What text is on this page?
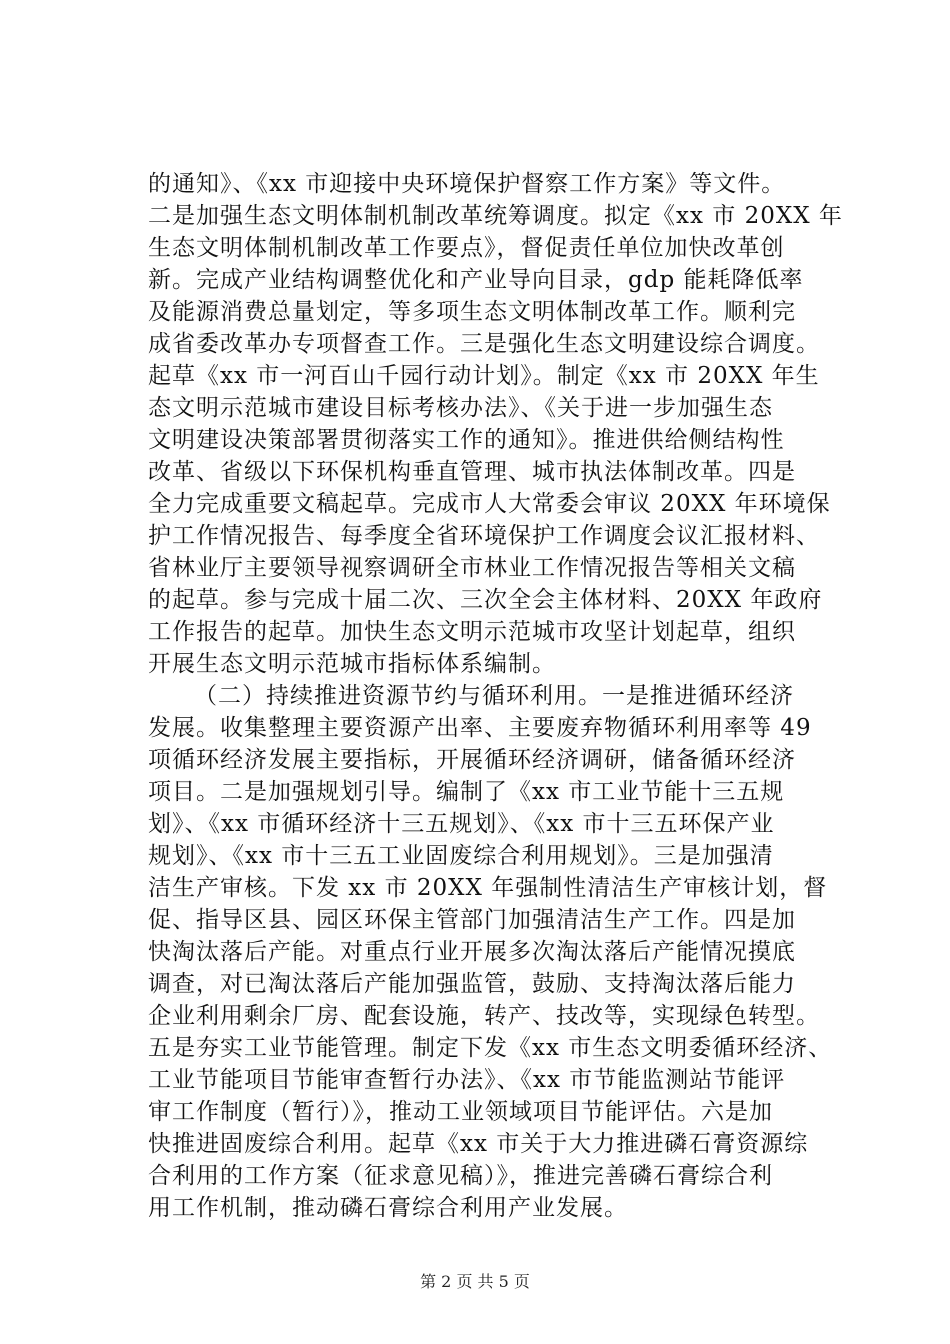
的通知》、《xx 市迎接中央环境保护督察工作方案》等文件。
二是加强生态文明体制机制改革统筹调度。拟定《xx 市 20XX 年
生态文明体制机制改革工作要点》，督促责任单位加快改革创
新。完成产业结构调整优化和产业导向目录，gdp 能耗降低率
及能源消费总量划定，等多项生态文明体制改革工作。顺利完
成省委改革办专项督查工作。三是强化生态文明建设综合调度。
起草《xx 市一河百山千园行动计划》。制定《xx 市 20XX 年生
态文明示范城市建设目标考核办法》、《关于进一步加强生态
文明建设决策部署贯彻落实工作的通知》。推进供给侧结构性
改革、省级以下环保机构垂直管理、城市执法体制改革。四是
全力完成重要文稿起草。完成市人大常委会审议 20XX 年环境保
护工作情况报告、每季度全省环境保护工作调度会议汇报材料、
省林业厅主要领导视察调研全市林业工作情况报告等相关文稿
的起草。参与完成十届二次、三次全会主体材料、20XX 年政府
工作报告的起草。加快生态文明示范城市攻坚计划起草，组织
开展生态文明示范城市指标体系编制。
（二）持续推进资源节约与循环利用。一是推进循环经济
发展。收集整理主要资源产出率、主要废弃物循环利用率等 49
项循环经济发展主要指标，开展循环经济调研，储备循环经济
项目。二是加强规划引导。编制了《xx 市工业节能十三五规
划》、《xx 市循环经济十三五规划》、《xx 市十三五环保产业
规划》、《xx 市十三五工业固废综合利用规划》。三是加强清
洁生产审核。下发 xx 市 20XX 年强制性清洁生产审核计划，督
促、指导区县、园区环保主管部门加强清洁生产工作。四是加
快淘汰落后产能。对重点行业开展多次淘汰落后产能情况摸底
调查，对已淘汰落后产能加强监管，鼓励、支持淘汰落后能力
企业利用剩余厂房、配套设施，转产、技改等，实现绿色转型。
五是夯实工业节能管理。制定下发《xx 市生态文明委循环经济、
工业节能项目节能审查暂行办法》、《xx 市节能监测站节能评
审工作制度（暂行）》，推动工业领域项目节能评估。六是加
快推进固废综合利用。起草《xx 市关于大力推进磷石膏资源综
合利用的工作方案（征求意见稿）》，推进完善磷石膏综合利
用工作机制，推动磷石膏综合利用产业发展。
第 2 页 共 5 页
